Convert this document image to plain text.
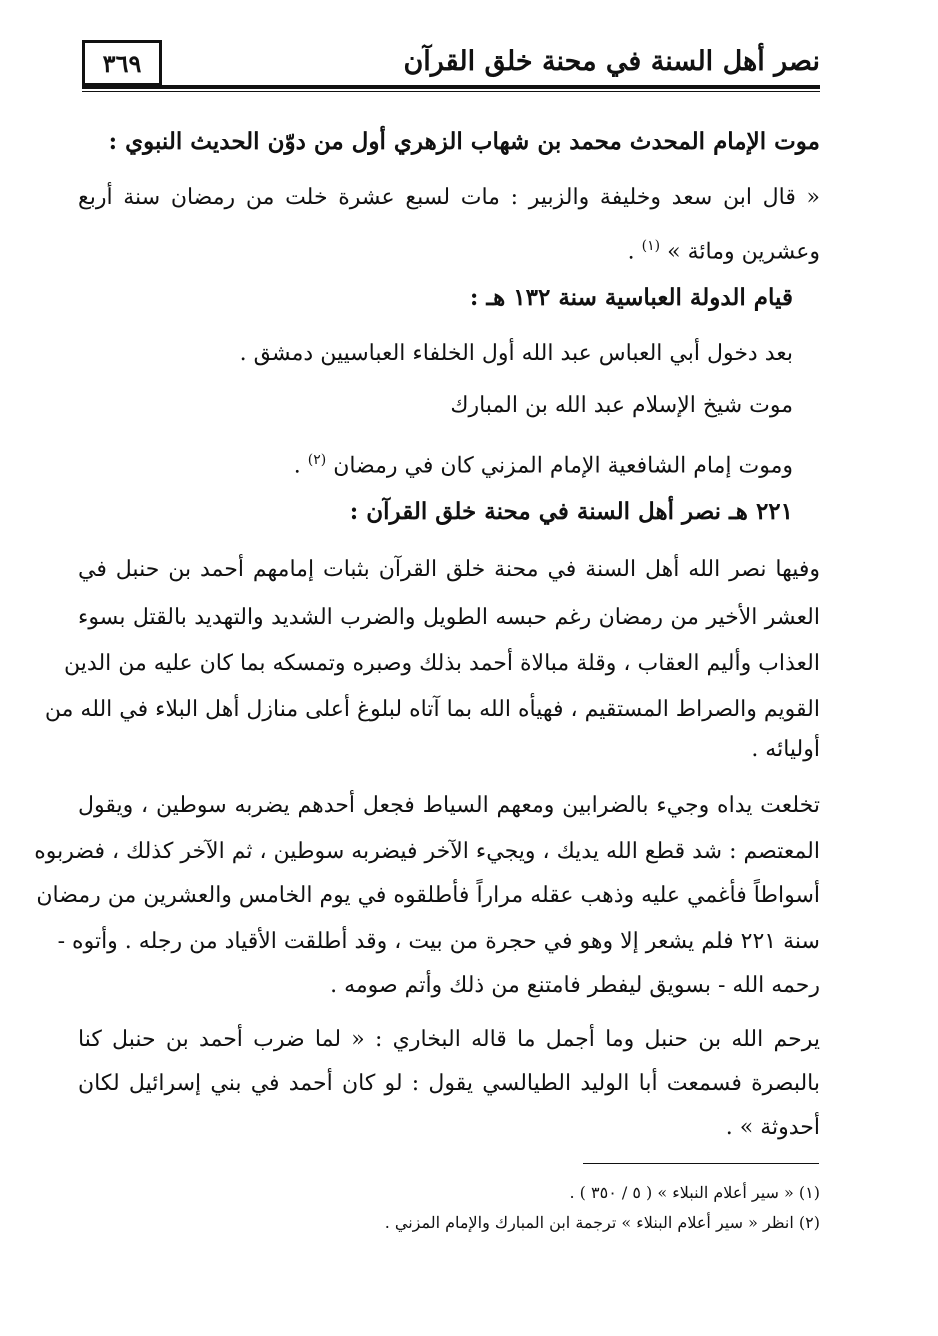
نصر أهل السنة في محنة خلق القرآن
٣٦٩
موت الإمام المحدث محمد بن شهاب الزهري أول من دوّن الحديث النبوي :
« قال ابن سعد وخليفة والزبير : مات لسبع عشرة خلت من رمضان سنة أربع
وعشرين ومائة » $^{(١)}$ .
قيام الدولة العباسية سنة ١٣٢ هـ :
بعد دخول أبي العباس عبد الله أول الخلفاء العباسيين دمشق .
موت شيخ الإسلام عبد الله بن المبارك
وموت إمام الشافعية الإمام المزني كان في رمضان $^{(٢)}$ .
٢٢١ هـ نصر أهل السنة في محنة خلق القرآن :
وفيها نصر الله أهل السنة في محنة خلق القرآن بثبات إمامهم أحمد بن حنبل في
العشر الأخير من رمضان رغم حبسه الطويل والضرب الشديد والتهديد بالقتل بسوء
العذاب وأليم العقاب ، وقلة مبالاة أحمد بذلك وصبره وتمسكه بما كان عليه من الدين
القويم والصراط المستقيم ، فهيأه الله بما آتاه لبلوغ أعلى منازل أهل البلاء في الله من
أوليائه .
تخلعت يداه وجيء بالضرابين ومعهم السياط فجعل أحدهم يضربه سوطين ، ويقول
المعتصم : شد قطع الله يديك ، ويجيء الآخر فيضربه سوطين ، ثم الآخر كذلك ، فضربوه
أسواطاً فأغمي عليه وذهب عقله مراراً فأطلقوه في يوم الخامس والعشرين من رمضان
سنة ٢٢١ فلم يشعر إلا وهو في حجرة من بيت ، وقد أطلقت الأقياد من رجله . وأتوه -
رحمه الله - بسويق ليفطر فامتنع من ذلك وأتم صومه .
يرحم الله بن حنبل وما أجمل ما قاله البخاري : « لما ضرب أحمد بن حنبل كنا
بالبصرة فسمعت أبا الوليد الطيالسي يقول : لو كان أحمد في بني إسرائيل لكان
أحدوثة » .
(١) « سير أعلام النبلاء » ( ٥ / ٣٥٠ ) .
(٢) انظر « سير أعلام البنلاء » ترجمة ابن المبارك والإمام المزني .
